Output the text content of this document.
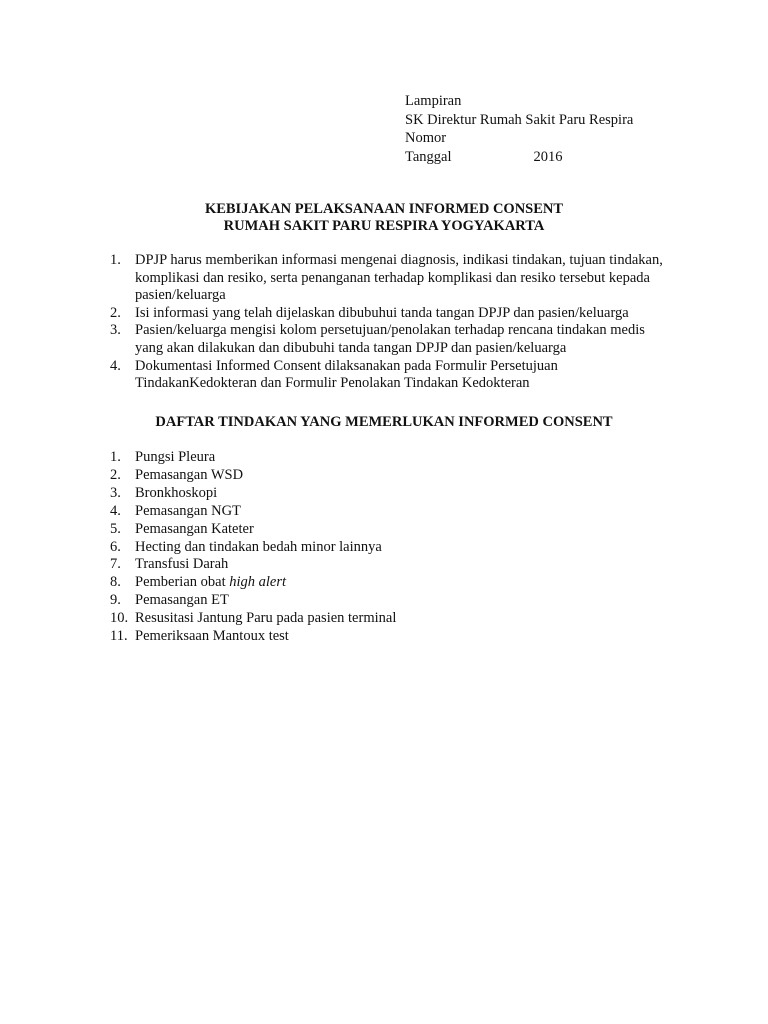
Lampiran
SK Direktur Rumah Sakit Paru Respira
Nomor
Tanggal	2016
KEBIJAKAN PELAKSANAAN INFORMED CONSENT
RUMAH SAKIT PARU RESPIRA YOGYAKARTA
1. DPJP harus memberikan informasi mengenai diagnosis, indikasi tindakan, tujuan tindakan, komplikasi dan resiko, serta penanganan terhadap komplikasi dan resiko tersebut kepada pasien/keluarga
2. Isi informasi yang telah dijelaskan dibubuhui tanda tangan DPJP dan pasien/keluarga
3. Pasien/keluarga mengisi kolom persetujuan/penolakan terhadap rencana tindakan medis yang akan dilakukan dan dibubuhi tanda tangan DPJP dan pasien/keluarga
4. Dokumentasi Informed Consent dilaksanakan pada Formulir Persetujuan TindakanKedokteran dan Formulir Penolakan Tindakan Kedokteran
DAFTAR TINDAKAN YANG MEMERLUKAN INFORMED CONSENT
1. Pungsi Pleura
2. Pemasangan WSD
3. Bronkhoskopi
4. Pemasangan NGT
5. Pemasangan Kateter
6. Hecting dan tindakan bedah minor lainnya
7. Transfusi Darah
8. Pemberian obat high alert
9. Pemasangan ET
10. Resusitasi Jantung Paru pada pasien terminal
11. Pemeriksaan Mantoux test
